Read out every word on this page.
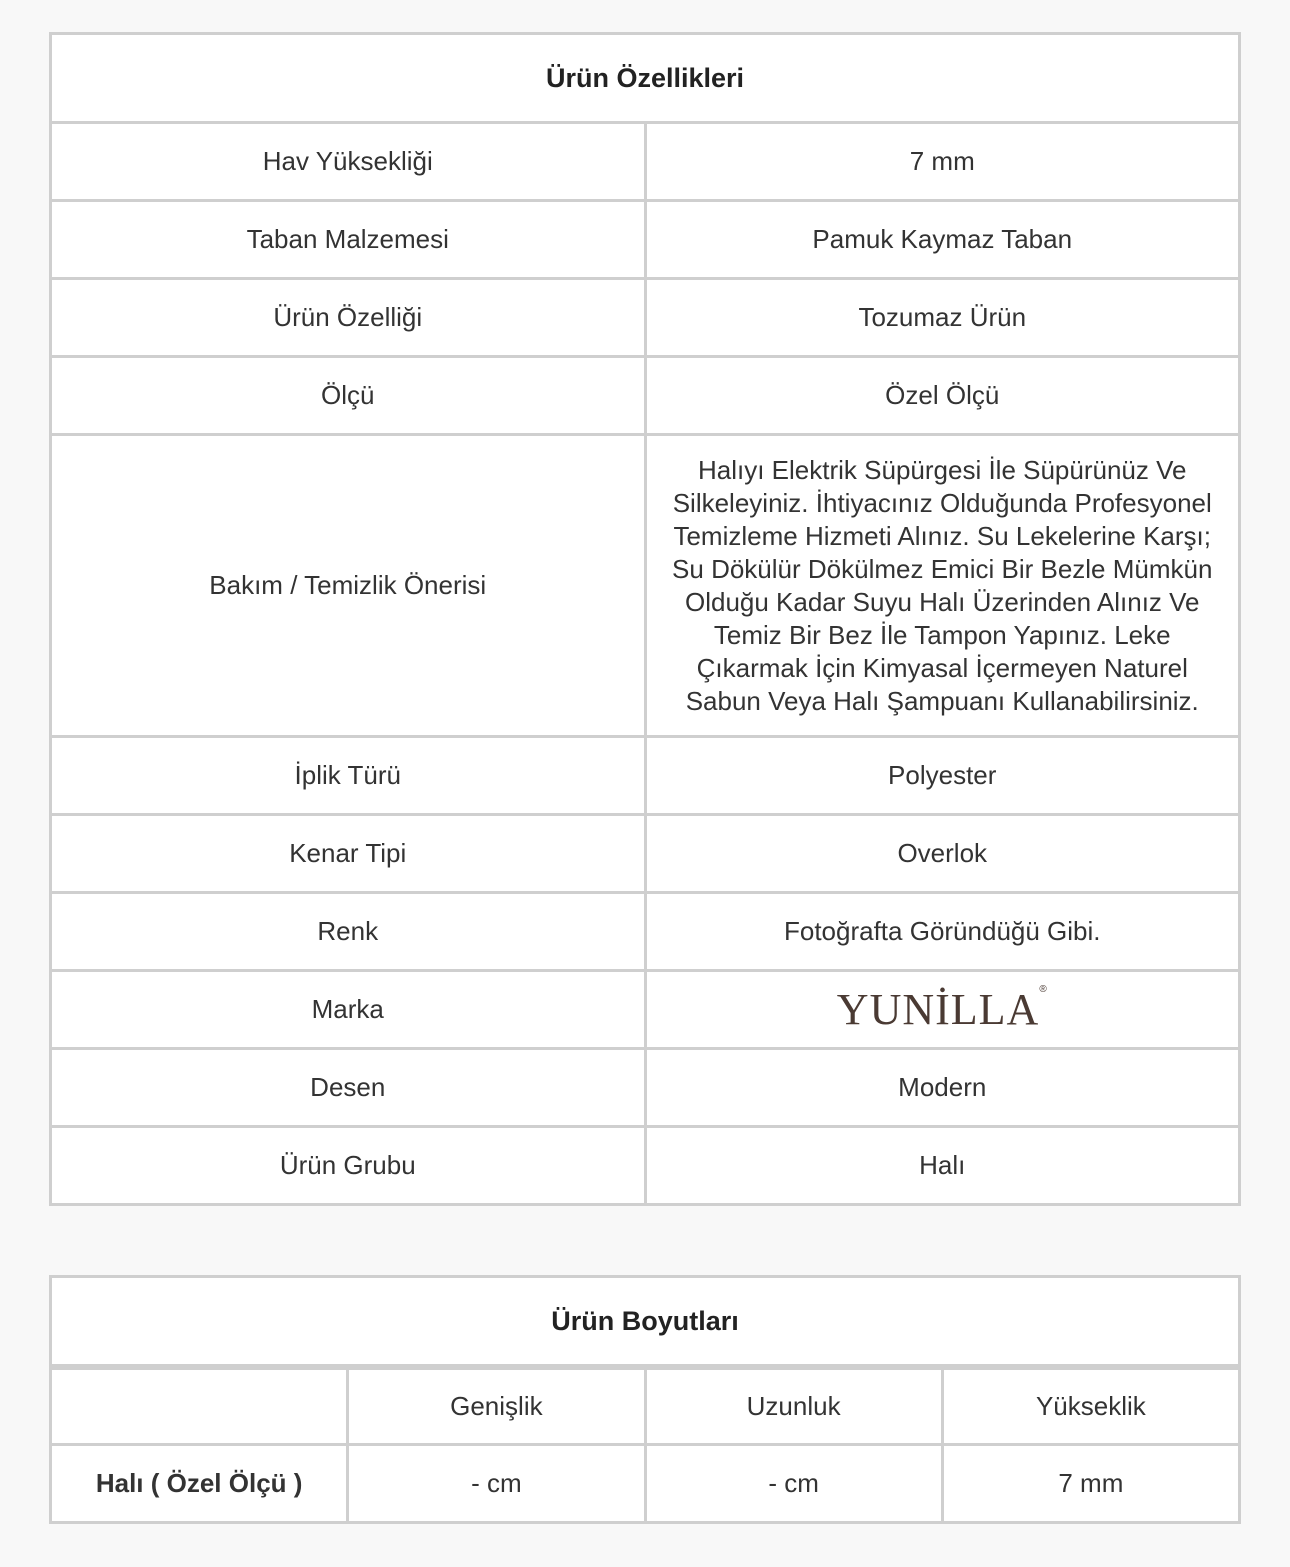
Ürün Özellikleri	
Hav Yüksekliği	7 mm
Taban Malzemesi	Pamuk Kaymaz Taban
Ürün Özelliği	Tozumaz Ürün
Ölçü	Özel Ölçü
Bakım / Temizlik Önerisi	Halıyı Elektrik Süpürgesi İle Süpürünüz Ve Silkeleyiniz. İhtiyacınız Olduğunda Profesyonel Temizleme Hizmeti Alınız. Su Lekelerine Karşı; Su Dökülür Dökülmez Emici Bir Bezle Mümkün Olduğu Kadar Suyu Halı Üzerinden Alınız Ve Temiz Bir Bez İle Tampon Yapınız. Leke Çıkarmak İçin Kimyasal İçermeyen Naturel Sabun Veya Halı Şampuanı Kullanabilirsiniz.
İplik Türü	Polyester
Kenar Tipi	Overlok
Renk	Fotoğrafta Göründüğü Gibi.
Marka	YUNİLLA®
Desen	Modern
Ürün Grubu	Halı
Ürün Boyutları			
	Genişlik	Uzunluk	Yükseklik
Halı ( Özel Ölçü )	- cm	- cm	7 mm
